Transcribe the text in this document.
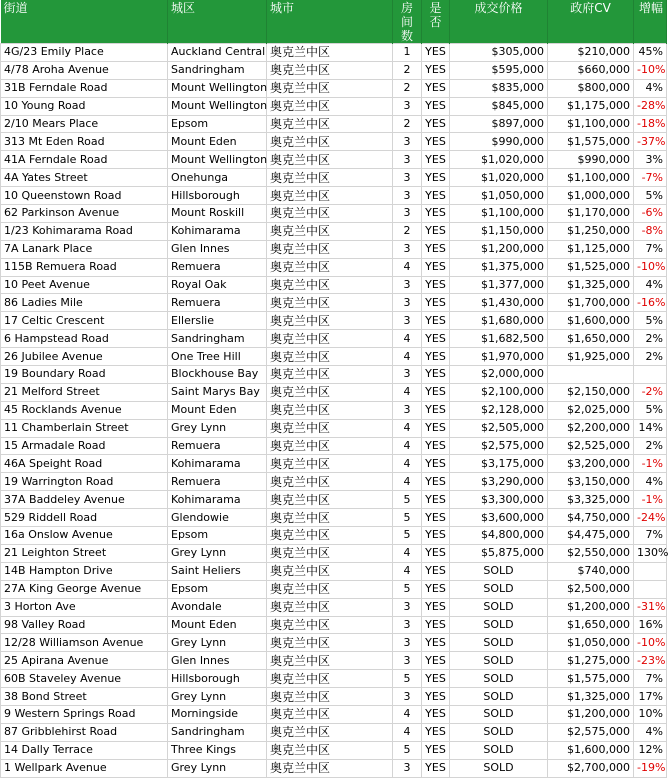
街道	城区	城市	房间数	是否	成交价格	政府CV	增幅
4G/23 Emily Place	Auckland Central	奥克兰中区	1	YES	$305,000	$210,000	45%
4/78 Aroha Avenue	Sandringham	奥克兰中区	2	YES	$595,000	$660,000	-10%
31B Ferndale Road	Mount Wellington	奥克兰中区	2	YES	$835,000	$800,000	4%
10 Young Road	Mount Wellington	奥克兰中区	3	YES	$845,000	$1,175,000	-28%
2/10 Mears Place	Epsom	奥克兰中区	2	YES	$897,000	$1,100,000	-18%
313 Mt Eden Road	Mount Eden	奥克兰中区	3	YES	$990,000	$1,575,000	-37%
41A Ferndale Road	Mount Wellington	奥克兰中区	3	YES	$1,020,000	$990,000	3%
4A Yates Street	Onehunga	奥克兰中区	3	YES	$1,020,000	$1,100,000	-7%
10 Queenstown Road	Hillsborough	奥克兰中区	3	YES	$1,050,000	$1,000,000	5%
62 Parkinson Avenue	Mount Roskill	奥克兰中区	3	YES	$1,100,000	$1,170,000	-6%
1/23 Kohimarama Road	Kohimarama	奥克兰中区	2	YES	$1,150,000	$1,250,000	-8%
7A Lanark Place	Glen Innes	奥克兰中区	3	YES	$1,200,000	$1,125,000	7%
115B Remuera Road	Remuera	奥克兰中区	4	YES	$1,375,000	$1,525,000	-10%
10 Peet Avenue	Royal Oak	奥克兰中区	3	YES	$1,377,000	$1,325,000	4%
86 Ladies Mile	Remuera	奥克兰中区	3	YES	$1,430,000	$1,700,000	-16%
17 Celtic Crescent	Ellerslie	奥克兰中区	3	YES	$1,680,000	$1,600,000	5%
6 Hampstead Road	Sandringham	奥克兰中区	4	YES	$1,682,500	$1,650,000	2%
26 Jubilee Avenue	One Tree Hill	奥克兰中区	4	YES	$1,970,000	$1,925,000	2%
19 Boundary Road	Blockhouse Bay	奥克兰中区	3	YES	$2,000,000		
21 Melford Street	Saint Marys Bay	奥克兰中区	4	YES	$2,100,000	$2,150,000	-2%
45 Rocklands Avenue	Mount Eden	奥克兰中区	3	YES	$2,128,000	$2,025,000	5%
11 Chamberlain Street	Grey Lynn	奥克兰中区	4	YES	$2,505,000	$2,200,000	14%
15 Armadale Road	Remuera	奥克兰中区	4	YES	$2,575,000	$2,525,000	2%
46A Speight Road	Kohimarama	奥克兰中区	4	YES	$3,175,000	$3,200,000	-1%
19 Warrington Road	Remuera	奥克兰中区	4	YES	$3,290,000	$3,150,000	4%
37A Baddeley Avenue	Kohimarama	奥克兰中区	5	YES	$3,300,000	$3,325,000	-1%
529 Riddell Road	Glendowie	奥克兰中区	5	YES	$3,600,000	$4,750,000	-24%
16a Onslow Avenue	Epsom	奥克兰中区	5	YES	$4,800,000	$4,475,000	7%
21 Leighton Street	Grey Lynn	奥克兰中区	4	YES	$5,875,000	$2,550,000	130%
14B Hampton Drive	Saint Heliers	奥克兰中区	4	YES	SOLD	$740,000	
27A King George Avenue	Epsom	奥克兰中区	5	YES	SOLD	$2,500,000	
3 Horton Ave	Avondale	奥克兰中区	3	YES	SOLD	$1,200,000	-31%
98 Valley Road	Mount Eden	奥克兰中区	3	YES	SOLD	$1,650,000	16%
12/28 Williamson Avenue	Grey Lynn	奥克兰中区	3	YES	SOLD	$1,050,000	-10%
25 Apirana Avenue	Glen Innes	奥克兰中区	3	YES	SOLD	$1,275,000	-23%
60B Staveley Avenue	Hillsborough	奥克兰中区	5	YES	SOLD	$1,575,000	7%
38 Bond Street	Grey Lynn	奥克兰中区	3	YES	SOLD	$1,325,000	17%
9 Western Springs Road	Morningside	奥克兰中区	4	YES	SOLD	$1,200,000	10%
87 Gribblehirst Road	Sandringham	奥克兰中区	4	YES	SOLD	$2,575,000	4%
14 Dally Terrace	Three Kings	奥克兰中区	5	YES	SOLD	$1,600,000	12%
1 Wellpark Avenue	Grey Lynn	奥克兰中区	3	YES	SOLD	$2,700,000	-19%
